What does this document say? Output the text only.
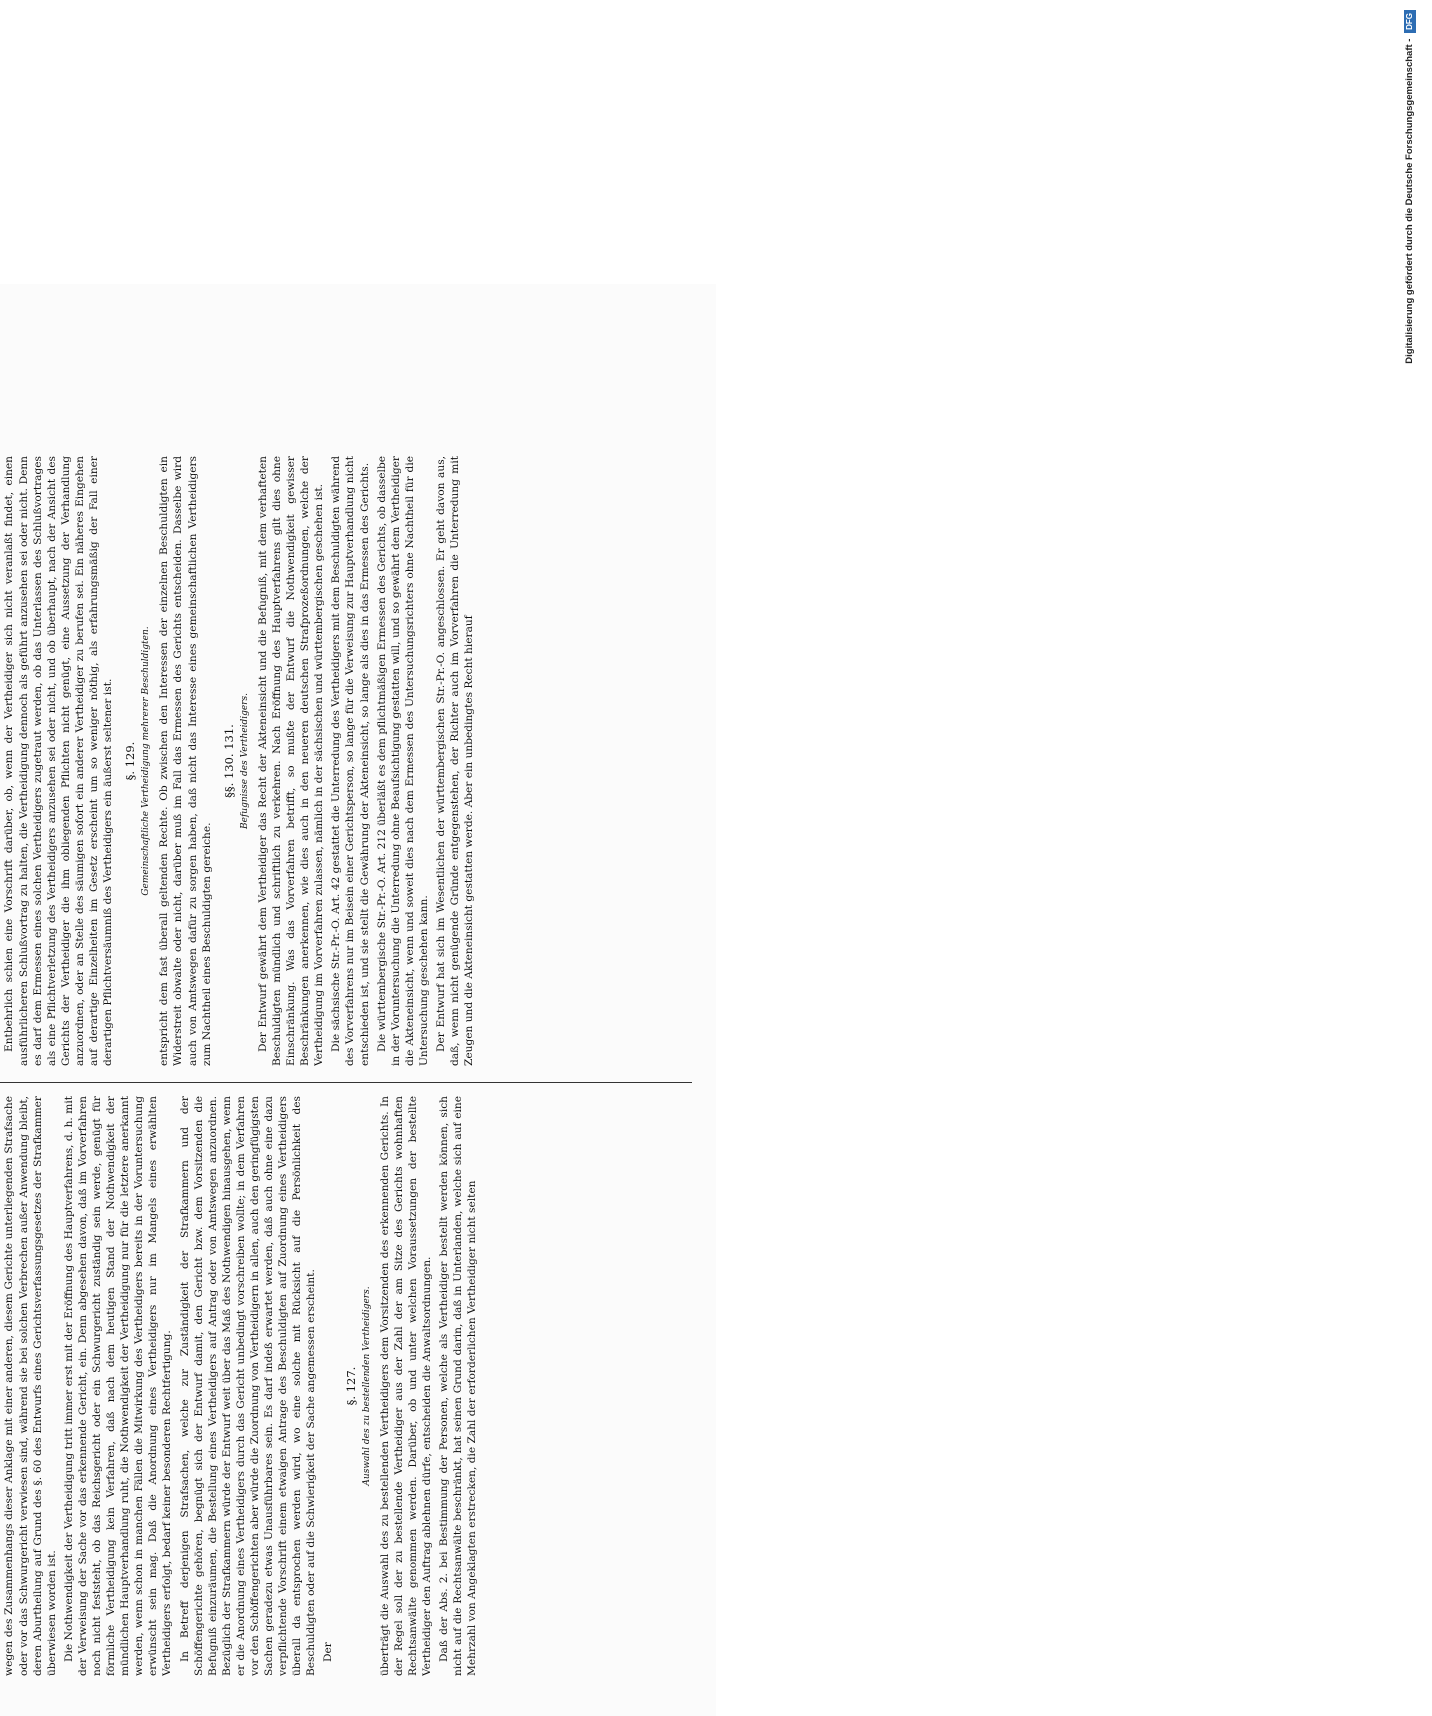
wegen des Zusammenhangs dieser Anklage mit einer anderen, diesem Gerichte unterliegenden Strafsache oder vor das Schwurgericht verwiesen sind, während sie bei solchen Verbrechen außer Anwendung bleibt, deren Aburtheilung auf Grund des §. 60 des Entwurfs eines Gerichtsverfassungsgesetzes der Strafkammer überwiesen worden ist. Die Nothwendigkeit der Vertheidigung tritt immer erst mit der Eröffnung des Hauptverfahrens, d. h. mit der Verweisung der Sache vor das erkennende Gericht, ein. Denn abgesehen davon, daß im Vorverfahren noch nicht feststeht, ob das Reichsgericht oder ein Schwurgericht zuständig sein werde, genügt für förmliche Vertheidigung kein Verfahren, daß nach dem heutigen Stand der Nothwendigkeit der mündlichen Hauptverhandlung ruht, die Nothwendigkeit der Vertheidigung nur für die letztere anerkannt werden, wenn schon in manchen Fällen die Mitwirkung des Vertheidigers bereits in der Voruntersuchung erwünscht sein mag. Daß die Anordnung eines Vertheidigers nur im Mangels eines erwählten Vertheidigers erfolgt, bedarf keiner besonderen Rechtfertigung. In Betreff derjenigen Strafsachen, welche zur Zuständigkeit der Strafkammern und der Schöffengerichte gehören, begnügt sich der Entwurf damit, den Gericht bzw. dem Vorsitzenden die Befugniß einzuräumen, die Bestellung eines Vertheidigers auf Antrag oder von Amtswegen anzuordnen. Bezüglich der Strafkammern würde der Entwurf weit über das Maß des Nothwendigen hinausgehen, wenn er die Anordnung eines Vertheidigers durch das Gericht unbedingt vorschreiben wollte; in dem Verfahren vor den Schöffengerichten aber würde die Zuordnung von Vertheidigern in allen, auch den geringfügigsten Sachen geradezu etwas Unausführbares sein. Es darf indeß erwartet werden, daß auch ohne eine dazu verpflichtende Vorschrift einem etwaigen Antrage des Beschuldigten auf Zuordnung eines Vertheidigers überall da entsprochen werden wird, wo eine solche mit Rücksicht auf die Persönlichkeit des Beschuldigten oder auf die Schwierigkeit der Sache angemessen erscheint. Der

§. 127. Auswahl des zu bestellenden Vertheidigers. überträgt die Auswahl des zu bestellenden Vertheidigers dem Vorsitzenden des erkennenden Gerichts. In der Regel soll der zu bestellende Vertheidiger aus der Zahl der am Sitze des Gerichts wohnhaften Rechtsanwälte genommen werden. Darüber, ob und unter welchen Voraussetzungen der bestellte Vertheidiger den Auftrag ablehnen dürfe, entscheiden die Anwaltsordnungen. Daß der Abs. 2. bei Bestimmung der Personen, welche als Vertheidiger bestellt werden können, sich nicht auf die Rechtsanwälte beschränkt, hat seinen Grund darin, daß in Unterlanden, welche sich auf eine Mehrzahl von Angeklagten erstrecken, die Zahl der erforderlichen Vertheidiger nicht selten

Entbehrlich schien eine Vorschrift darüber, ob, wenn der Vertheidiger sich nicht veranlaßt findet, einen ausführlicheren Schlußvortrag zu halten, die Vertheidigung dennoch als geführt anzusehen sei oder nicht. Denn es darf dem Ermessen eines solchen Vertheidigers zugetraut werden, ob das Unterlassen des Schlußvortrages als eine Pflichtverletzung des Vertheidigers anzusehen sei oder nicht, und ob überhaupt, nach der Ansicht des Gerichts der Vertheidiger die ihm obliegenden Pflichten nicht genügt, eine Aussetzung der Verhandlung anzuordnen, oder an Stelle des säumigen sofort ein anderer Vertheidiger zu berufen sei. Ein näheres Eingehen auf derartige Einzelheiten im Gesetz erscheint um so weniger nöthig, als erfahrungsmäßig der Fall einer derartigen Pflichtversäumniß des Vertheidigers ein äußerst seltener ist. §. 129. Gemeinschaftliche Vertheidigung mehrerer Beschuldigten. entspricht dem fast überall geltenden Rechte. Ob zwischen den Interessen der einzelnen Beschuldigten ein Widerstreit obwalte oder nicht, darüber muß im Fall das Ermessen des Gerichts entscheiden. Dasselbe wird auch von Amtswegen dafür zu sorgen haben, daß nicht das Interesse eines gemeinschaftlichen Vertheidigers zum Nachtheil eines Beschuldigten gereiche.

§§. 130. 131. Befugnisse des Vertheidigers. Der Entwurf gewährt dem Vertheidiger das Recht der Akteneinsicht und die Befugniß, mit dem verhafteten Beschuldigten mündlich und schriftlich zu verkehren. Nach Eröffnung des Hauptverfahrens gilt dies ohne Einschränkung. Was das Vorverfahren betrifft, so mußte der Entwurf die Nothwendigkeit gewisser Beschränkungen anerkennen, wie dies auch in den neueren deutschen Strafprozeßordnungen, welche der Vertheidigung im Vorverfahren zulassen, nämlich in der sächsischen und württembergischen geschehen ist. Die sächsische Str.-Pr.-O. Art. 42 gestattet die Unterredung des Vertheidigers mit dem Beschuldigten während des Vorverfahrens nur im Beisein einer Gerichtsperson, so lange für die Verweisung zur Hauptverhandlung nicht entschieden ist, und sie stellt die Gewährung der Akteneinsicht, so lange als dies in das Ermessen des Gerichts. Die württembergische Str.-Pr.-O. Art. 212 überläßt es dem pflichtmäßigen Ermessen des Gerichts, ob dasselbe in der Voruntersuchung die Unterredung ohne Beaufsichtigung gestatten will, und so gewährt dem Vertheidiger die Akteneinsicht, wenn und soweit dies nach dem Ermessen des Untersuchungsrichters ohne Nachtheil für die Untersuchung geschehen kann. Der Entwurf hat sich im Wesentlichen der württembergischen Str.-Pr.-O. angeschlossen. Er geht davon aus, daß, wenn nicht genügende Gründe entgegenstehen, der Richter auch im Vorverfahren die Unterredung mit Zeugen und die Akteneinsicht gestatten werde. Aber ein unbedingtes Recht hierauf

Digitalisierung gefördert durch die Deutsche Forschungsgemeinschaft - DFG
